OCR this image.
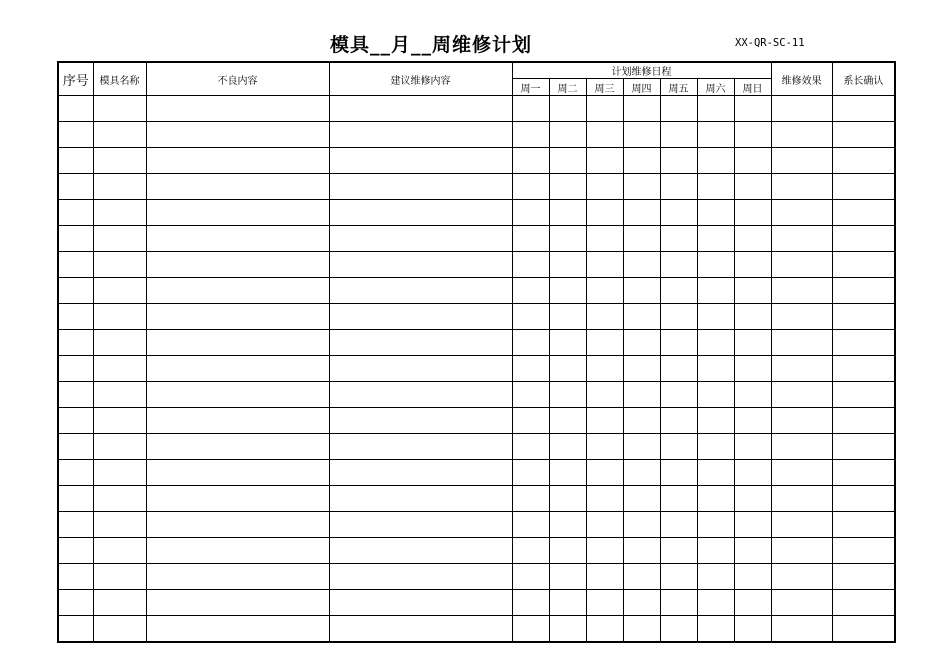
模具__月__周维修计划	XX-QR-SC-11
序号	模具名称	不良内容	建议维修内容	计划维修日程							维修效果	系长确认
				周一	周二	周三	周四	周五	周六	周日		
